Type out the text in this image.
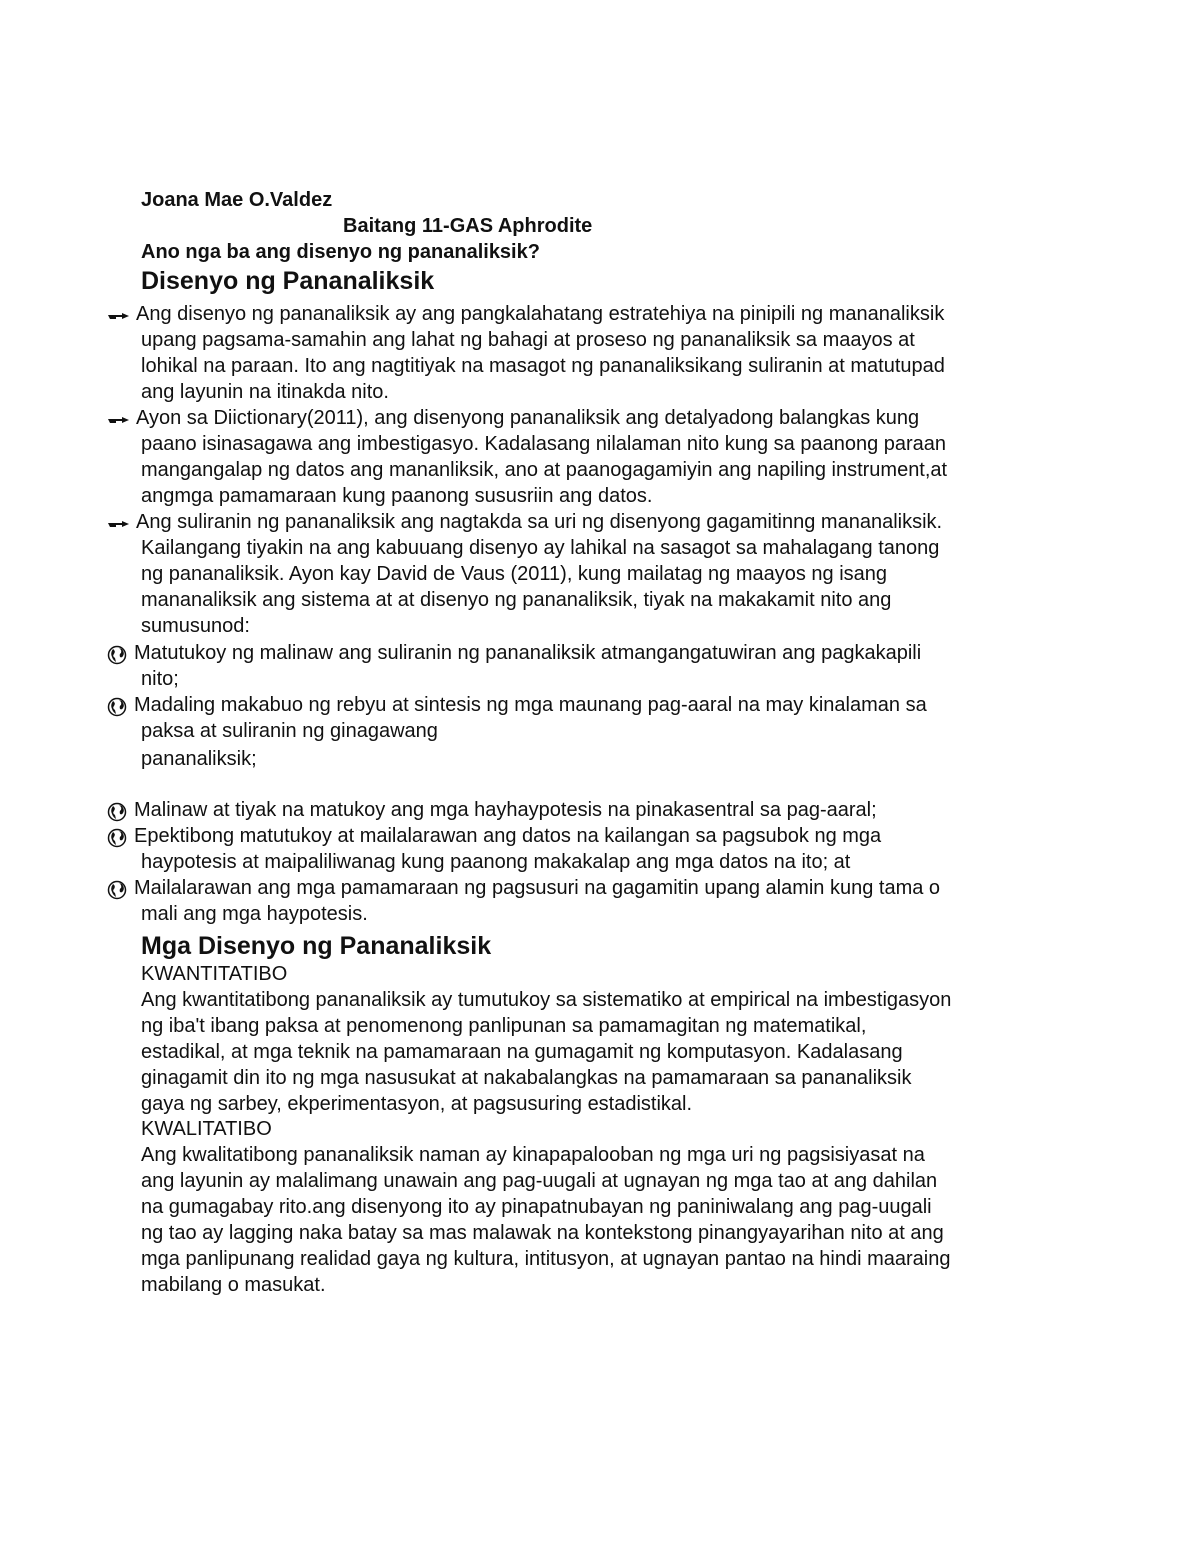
Joana Mae O.Valdez
Baitang 11-GAS Aphrodite
Ano nga ba ang disenyo ng pananaliksik?
Disenyo ng Pananaliksik
Ang disenyo ng pananaliksik ay ang pangkalahatang estratehiya na pinipili ng mananaliksik
upang pagsama-samahin ang lahat ng bahagi at proseso ng pananaliksik sa maayos at
lohikal na paraan. Ito ang nagtitiyak na masagot ng pananaliksikang suliranin at matutupad
ang layunin na itinakda nito.
Ayon sa Diictionary(2011), ang disenyong pananaliksik ang detalyadong balangkas kung
paano isinasagawa ang imbestigasyo. Kadalasang nilalaman nito kung sa paanong paraan
mangangalap ng datos ang mananliksik, ano at paanogagamiyin ang napiling instrument,at
angmga pamamaraan kung paanong sususriin ang datos.
Ang suliranin ng pananaliksik ang nagtakda sa uri ng disenyong gagamitinng mananaliksik.
Kailangang tiyakin na ang kabuuang disenyo ay lahikal na sasagot sa mahalagang tanong
ng pananaliksik. Ayon kay David de Vaus (2011), kung mailatag ng maayos ng isang
mananaliksik ang sistema at at disenyo ng pananaliksik, tiyak na makakamit nito ang
sumusunod:
Matutukoy ng malinaw ang suliranin ng pananaliksik atmangangatuwiran ang pagkakapili
nito;
Madaling makabuo ng rebyu at sintesis ng mga maunang pag-aaral na may kinalaman sa
paksa at suliranin ng ginagawang
pananaliksik;
Malinaw at tiyak na matukoy ang mga hayhaypotesis na pinakasentral sa pag-aaral;
Epektibong matutukoy at mailalarawan ang datos na kailangan sa pagsubok ng mga
haypotesis at maipaliliwanag kung paanong makakalap ang mga datos na ito; at
Mailalarawan ang mga pamamaraan ng pagsusuri na gagamitin upang alamin kung tama o
mali ang mga haypotesis.
Mga Disenyo ng Pananaliksik
KWANTITATIBO
Ang kwantitatibong pananaliksik ay tumutukoy sa sistematiko at empirical na imbestigasyon
ng iba't ibang paksa at penomenong panlipunan sa pamamagitan ng matematikal,
estadikal, at mga teknik na pamamaraan na gumagamit ng komputasyon. Kadalasang
ginagamit din ito ng mga nasusukat at nakabalangkas na pamamaraan sa pananaliksik
gaya ng sarbey, ekperimentasyon, at pagsusuring estadistikal.
KWALITATIBO
Ang kwalitatibong pananaliksik naman ay kinapapalooban ng mga uri ng pagsisiyasat na
ang layunin ay malalimang unawain ang pag-uugali at ugnayan ng mga tao at ang dahilan
na gumagabay rito.ang disenyong ito ay pinapatnubayan ng paniniwalang ang pag-uugali
ng tao ay lagging naka batay sa mas malawak na kontekstong pinangyayarihan nito at ang
mga panlipunang realidad gaya ng kultura, intitusyon, at ugnayan pantao na hindi maaraing
mabilang o masukat.
